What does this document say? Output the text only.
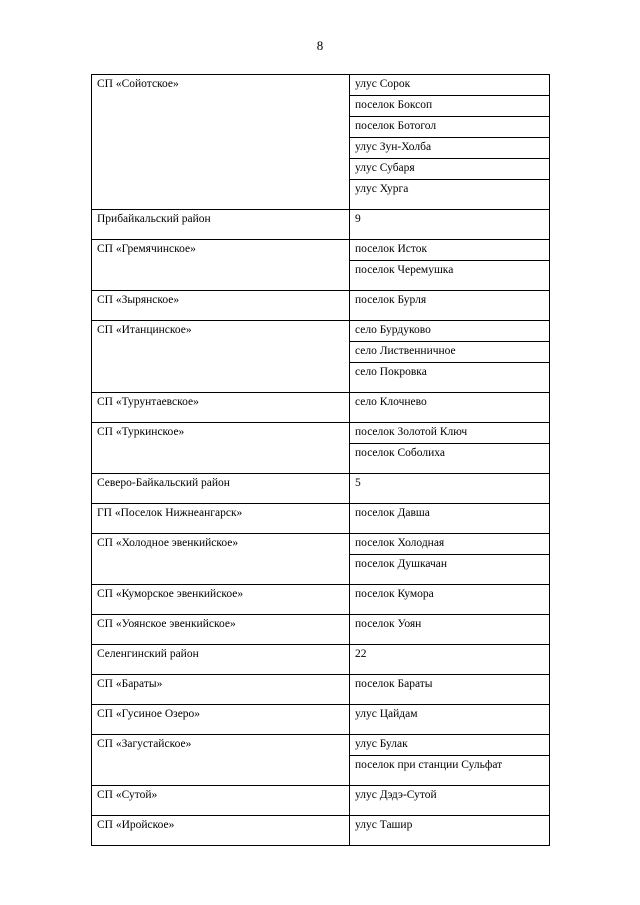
8
СП «Сойотское»	улус Сорок
	поселок Боксоп
	поселок Ботогол
	улус Зун-Холба
	улус Субаря
	улус Хурга
Прибайкальский район	9
СП «Гремячинское»	поселок Исток
	поселок Черемушка
СП «Зырянское»	поселок Бурля
СП «Итанцинское»	село Бурдуково
	село Лиственничное
	село Покровка
СП «Турунтаевское»	село Клочнево
СП «Туркинское»	поселок Золотой Ключ
	поселок Соболиха
Северо-Байкальский район	5
ГП «Поселок Нижнеангарск»	поселок Давша
СП «Холодное эвенкийское»	поселок Холодная
	поселок Душкачан
СП «Куморское эвенкийское»	поселок Кумора
СП «Уоянское эвенкийское»	поселок Уоян
Селенгинский район	22
СП «Бараты»	поселок Бараты
СП «Гусиное Озеро»	улус Цайдам
СП «Загустайское»	улус Булак
	поселок при станции Сульфат
СП «Сутой»	улус Дэдэ-Сутой
СП «Иройское»	улус Ташир
